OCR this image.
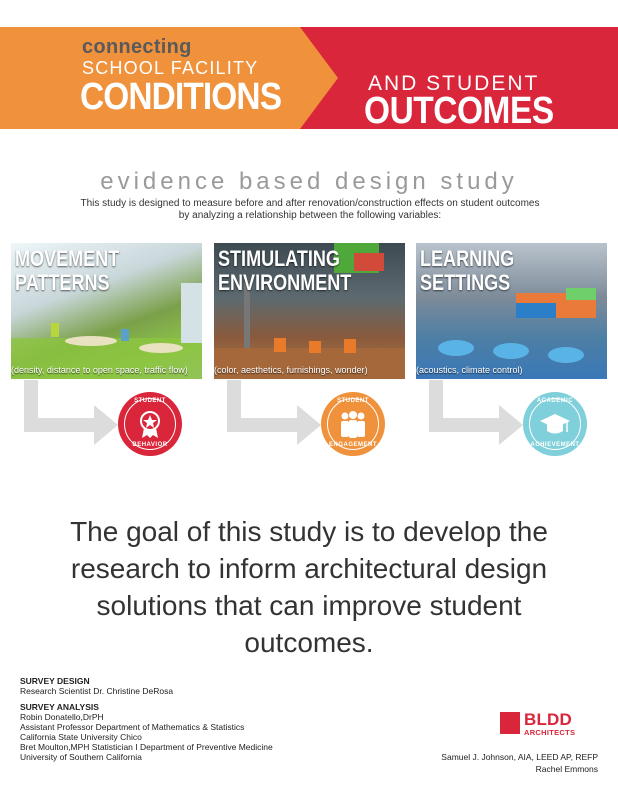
connecting
SCHOOL FACILITY
CONDITIONS	AND STUDENT
OUTCOMES
evidence based design study
This study is designed to measure before and after renovation/construction effects on student outcomes by analyzing a relationship between the following variables:
MOVEMENT
PATTERNS
(density, distance to open space, traffic flow)
STIMULATING
ENVIRONMENT
(color, aesthetics, furnishings, wonder)
LEARNING
SETTINGS
(acoustics, climate control)
STUDENT
BEHAVIOR
STUDENT
ENGAGEMENT
ACADEMIC
ACHIEVEMENT
The goal of this study is to develop the research to inform architectural design solutions that can improve student outcomes.
SURVEY DESIGN
Research Scientist Dr. Christine DeRosa
SURVEY ANALYSIS
Robin Donatello,DrPH
Assistant Professor Department of Mathematics & Statistics
California State University Chico
Bret Moulton,MPH Statistician I Department of Preventive Medicine
University of Southern California
BLDD
ARCHITECTS
Samuel J. Johnson, AIA, LEED AP, REFP
Rachel Emmons
